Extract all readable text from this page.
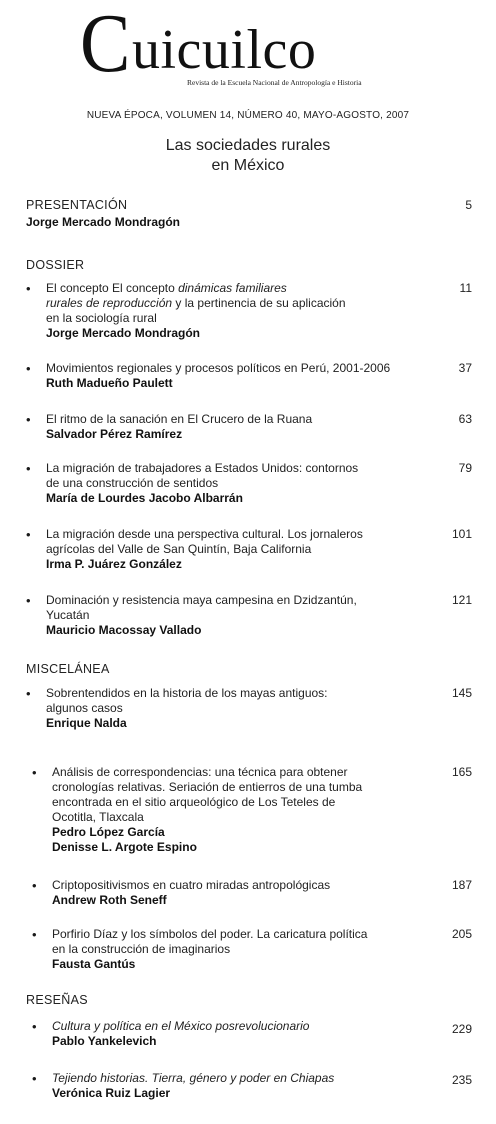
C uicuilco
Revista de la Escuela Nacional de Antropología e Historia
NUEVA ÉPOCA, VOLUMEN 14, NÚMERO 40, MAYO-AGOSTO, 2007
Las sociedades rurales
en México
PRESENTACIÓN	5
Jorge Mercado Mondragón
DOSSIER
• El concepto El concepto dinámicas familiares
rurales de reproducción y la pertinencia de su aplicación
en la sociología rural
Jorge Mercado Mondragón
11
• Movimientos regionales y procesos políticos en Perú, 2001-2006
Ruth Madueño Paulett
37
• El ritmo de la sanación en El Crucero de la Ruana
Salvador Pérez Ramírez
63
• La migración de trabajadores a Estados Unidos: contornos
de una construcción de sentidos
María de Lourdes Jacobo Albarrán
79
• La migración desde una perspectiva cultural. Los jornaleros
agrícolas del Valle de San Quintín, Baja California
Irma P. Juárez González
101
• Dominación y resistencia maya campesina en Dzidzantún,
Yucatán
Mauricio Macossay Vallado
121
MISCELÁNEA
• Sobrentendidos en la historia de los mayas antiguos:
algunos casos
Enrique Nalda
145
• Análisis de correspondencias: una técnica para obtener
cronologías relativas. Seriación de entierros de una tumba
encontrada en el sitio arqueológico de Los Teteles de
Ocotitla, Tlaxcala
Pedro López García
Denisse L. Argote Espino
165
• Criptopositivismos en cuatro miradas antropológicas
Andrew Roth Seneff
187
• Porfirio Díaz y los símbolos del poder. La caricatura política
en la construcción de imaginarios
Fausta Gantús
205
RESEÑAS
• Cultura y política en el México posrevolucionario
Pablo Yankelevich
229
• Tejiendo historias. Tierra, género y poder en Chiapas
Verónica Ruiz Lagier
235
